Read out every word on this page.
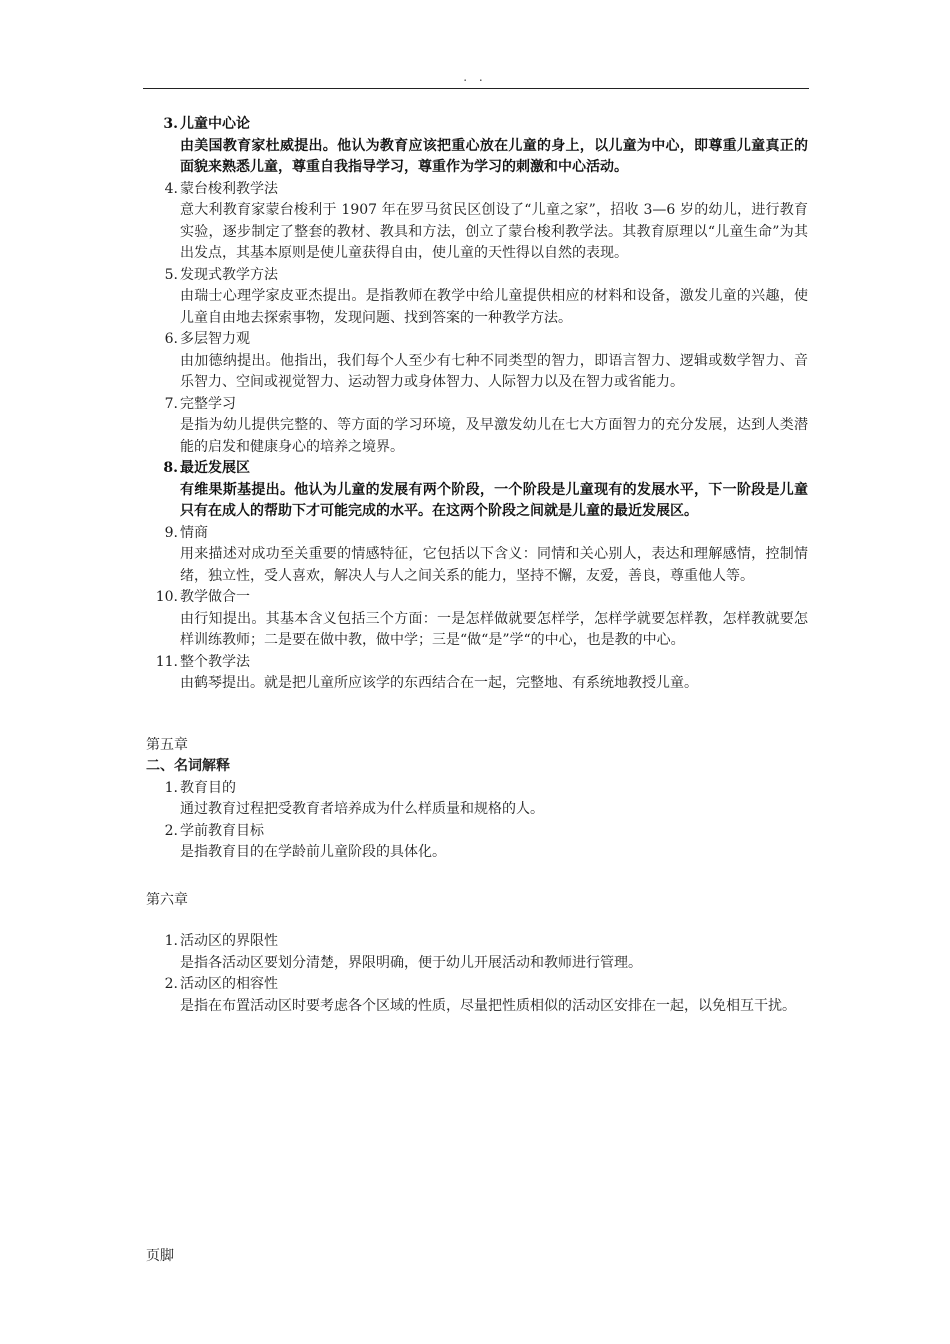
. .
3. 儿童中心论
由美国教育家杜威提出。他认为教育应该把重心放在儿童的身上，以儿童为中心，即尊重儿童真正的面貌来熟悉儿童，尊重自我指导学习，尊重作为学习的刺激和中心活动。
4. 蒙台梭利教学法
意大利教育家蒙台梭利于 1907 年在罗马贫民区创设了“儿童之家”，招收 3—6 岁的幼儿，进行教育实验，逐步制定了整套的教材、教具和方法，创立了蒙台梭利教学法。其教育原理以“儿童生命”为其出发点，其基本原则是使儿童获得自由，使儿童的天性得以自然的表现。
5. 发现式教学方法
由瑞士心理学家皮亚杰提出。是指教师在教学中给儿童提供相应的材料和设备，激发儿童的兴趣，使儿童自由地去探索事物，发现问题、找到答案的一种教学方法。
6. 多层智力观
由加德纳提出。他指出，我们每个人至少有七种不同类型的智力，即语言智力、逻辑或数学智力、音乐智力、空间或视觉智力、运动智力或身体智力、人际智力以及在智力或省能力。
7. 完整学习
是指为幼儿提供完整的、等方面的学习环境，及早激发幼儿在七大方面智力的充分发展，达到人类潜能的启发和健康身心的培养之境界。
8. 最近发展区
有维果斯基提出。他认为儿童的发展有两个阶段，一个阶段是儿童现有的发展水平，下一阶段是儿童只有在成人的帮助下才可能完成的水平。在这两个阶段之间就是儿童的最近发展区。
9. 情商
用来描述对成功至关重要的情感特征，它包括以下含义：同情和关心别人，表达和理解感情，控制情绪，独立性，受人喜欢，解决人与人之间关系的能力，坚持不懈，友爱，善良，尊重他人等。
10. 教学做合一
由行知提出。其基本含义包括三个方面：一是怎样做就要怎样学，怎样学就要怎样教，怎样教就要怎样训练教师；二是要在做中教，做中学；三是“做“是”学“的中心，也是教的中心。
11. 整个教学法
由鹤琴提出。就是把儿童所应该学的东西结合在一起，完整地、有系统地教授儿童。
第五章
二、名词解释
1. 教育目的
通过教育过程把受教育者培养成为什么样质量和规格的人。
2. 学前教育目标
是指教育目的在学龄前儿童阶段的具体化。
第六章
1. 活动区的界限性
是指各活动区要划分清楚，界限明确，便于幼儿开展活动和教师进行管理。
2. 活动区的相容性
是指在布置活动区时要考虑各个区域的性质，尽量把性质相似的活动区安排在一起，以免相互干扰。
页脚
